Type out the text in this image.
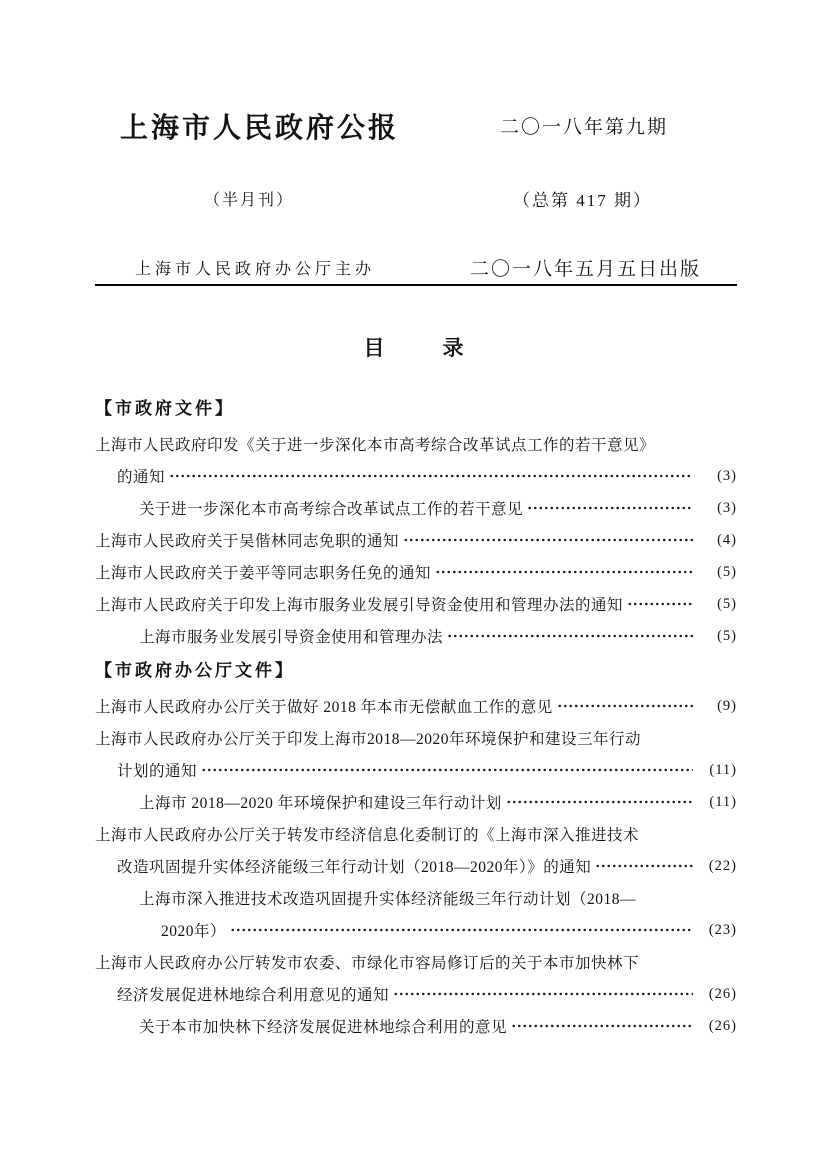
上海市人民政府公报	二〇一八年第九期
（半月刊）	（总第 417 期）
上海市人民政府办公厅主办	二〇一八年五月五日出版
目	录
【市政府文件】
上海市人民政府印发《关于进一步深化本市高考综合改革试点工作的若干意见》
的通知	(3)
关于进一步深化本市高考综合改革试点工作的若干意见	(3)
上海市人民政府关于吴偕林同志免职的通知	(4)
上海市人民政府关于姜平等同志职务任免的通知	(5)
上海市人民政府关于印发上海市服务业发展引导资金使用和管理办法的通知	(5)
上海市服务业发展引导资金使用和管理办法	(5)
【市政府办公厅文件】
上海市人民政府办公厅关于做好 2018 年本市无偿献血工作的意见	(9)
上海市人民政府办公厅关于印发上海市2018—2020年环境保护和建设三年行动
计划的通知	(11)
上海市 2018—2020 年环境保护和建设三年行动计划	(11)
上海市人民政府办公厅关于转发市经济信息化委制订的《上海市深入推进技术
改造巩固提升实体经济能级三年行动计划（2018—2020年）》的通知	(22)
上海市深入推进技术改造巩固提升实体经济能级三年行动计划（2018—
2020年）	(23)
上海市人民政府办公厅转发市农委、市绿化市容局修订后的关于本市加快林下
经济发展促进林地综合利用意见的通知	(26)
关于本市加快林下经济发展促进林地综合利用的意见	(26)
